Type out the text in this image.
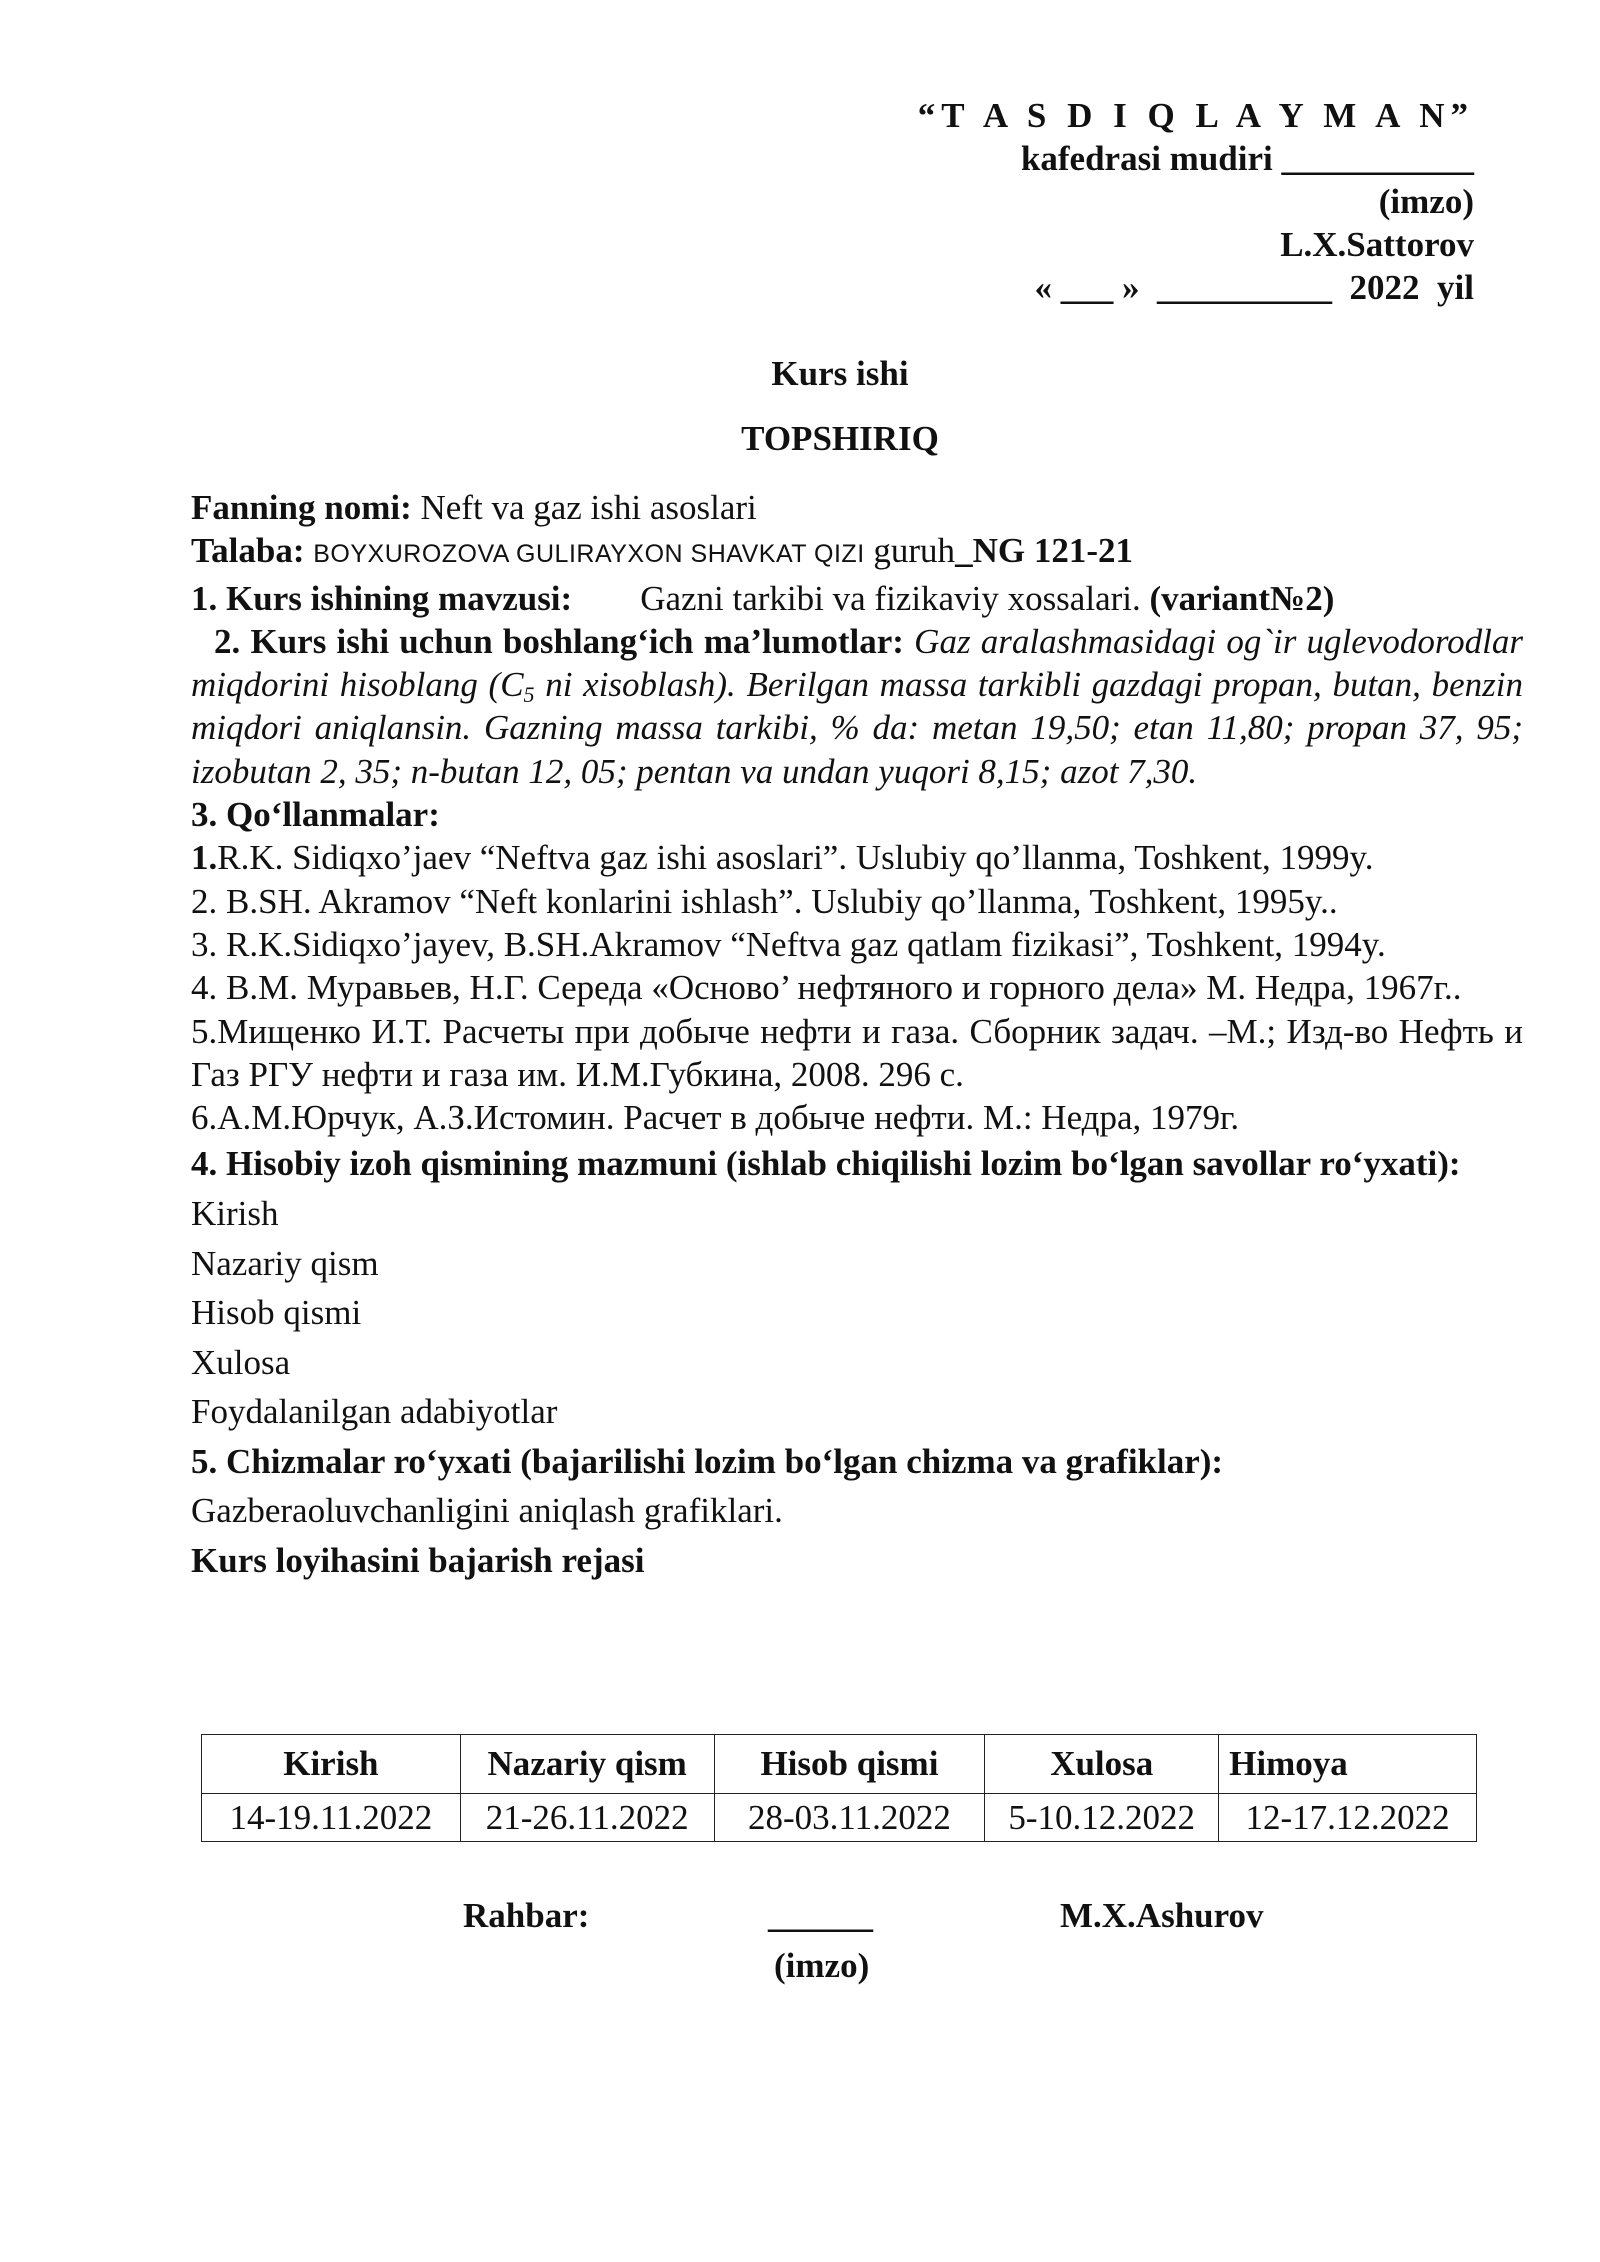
“T A S D I Q L A Y M A N”
kafedrasi mudiri ___________
(imzo)
L.X.Sattorov
« ___ »  __________  2022  yil
Kurs ishi
TOPSHIRIQ

Fanning nomi: Neft va gaz ishi asoslari

Talaba: BOYXUROZOVA GULIRAYXON SHAVKAT QIZI guruh_NG 121-21

1. Kurs ishining mavzusi: Gazni tarkibi va fizikaviy xossalari. (variant№2)

2. Kurs ishi uchun boshlang‘ich ma’lumotlar: Gaz aralashmasidagi og`ir uglevodorodlar miqdorini hisoblang ($C_5$ ni xisoblash). Berilgan massa tarkibli gazdagi propan, butan, benzin miqdori aniqlansin. Gazning massa tarkibi, % da: metan 19,50; etan 11,80; propan 37, 95; izobutan 2, 35; n-butan 12, 05; pentan va undan yuqori 8,15; azot 7,30.

3. Qo‘llanmalar:

1.R.K. Sidiqxo’jaev “Neftva gaz ishi asoslari”. Uslubiy qo’llanma, Toshkent, 1999y.

2. B.SH. Akramov “Neft konlarini ishlash”. Uslubiy qo’llanma, Toshkent, 1995y..

3. R.K.Sidiqxo’jayev, B.SH.Akramov “Neftva gaz qatlam fizikasi”, Toshkent, 1994y.

4. В.М. Муравьев, Н.Г. Середа «Осново’ нефтяного и горного дела» М. Недра, 1967г..

5.Мищенко И.Т. Расчеты при добыче нефти и газа. Сборник задач. –М.; Изд-во Нефть и Газ РГУ нефти и газа им. И.М.Губкина, 2008. 296 с.

6.А.М.Юрчук, А.З.Истомин. Расчет в добыче нефти. М.: Недра, 1979г.

4. Hisobiy izoh qismining mazmuni (ishlab chiqilishi lozim bo‘lgan savollar ro‘yxati):

Kirish

Nazariy qism

Hisob qismi

Xulosa

Foydalanilgan adabiyotlar

5. Chizmalar ro‘yxati (bajarilishi lozim bo‘lgan chizma va grafiklar):

Gazberaoluvchanligini aniqlash grafiklari.

Kurs loyihasini bajarish rejasi

Kirish	Nazariy qism	Hisob qismi	Xulosa	Himoya
14-19.11.2022	21-26.11.2022	28-03.11.2022	5-10.12.2022	12-17.12.2022
Rahbar:	______	M.X.Ashurov
(imzo)
